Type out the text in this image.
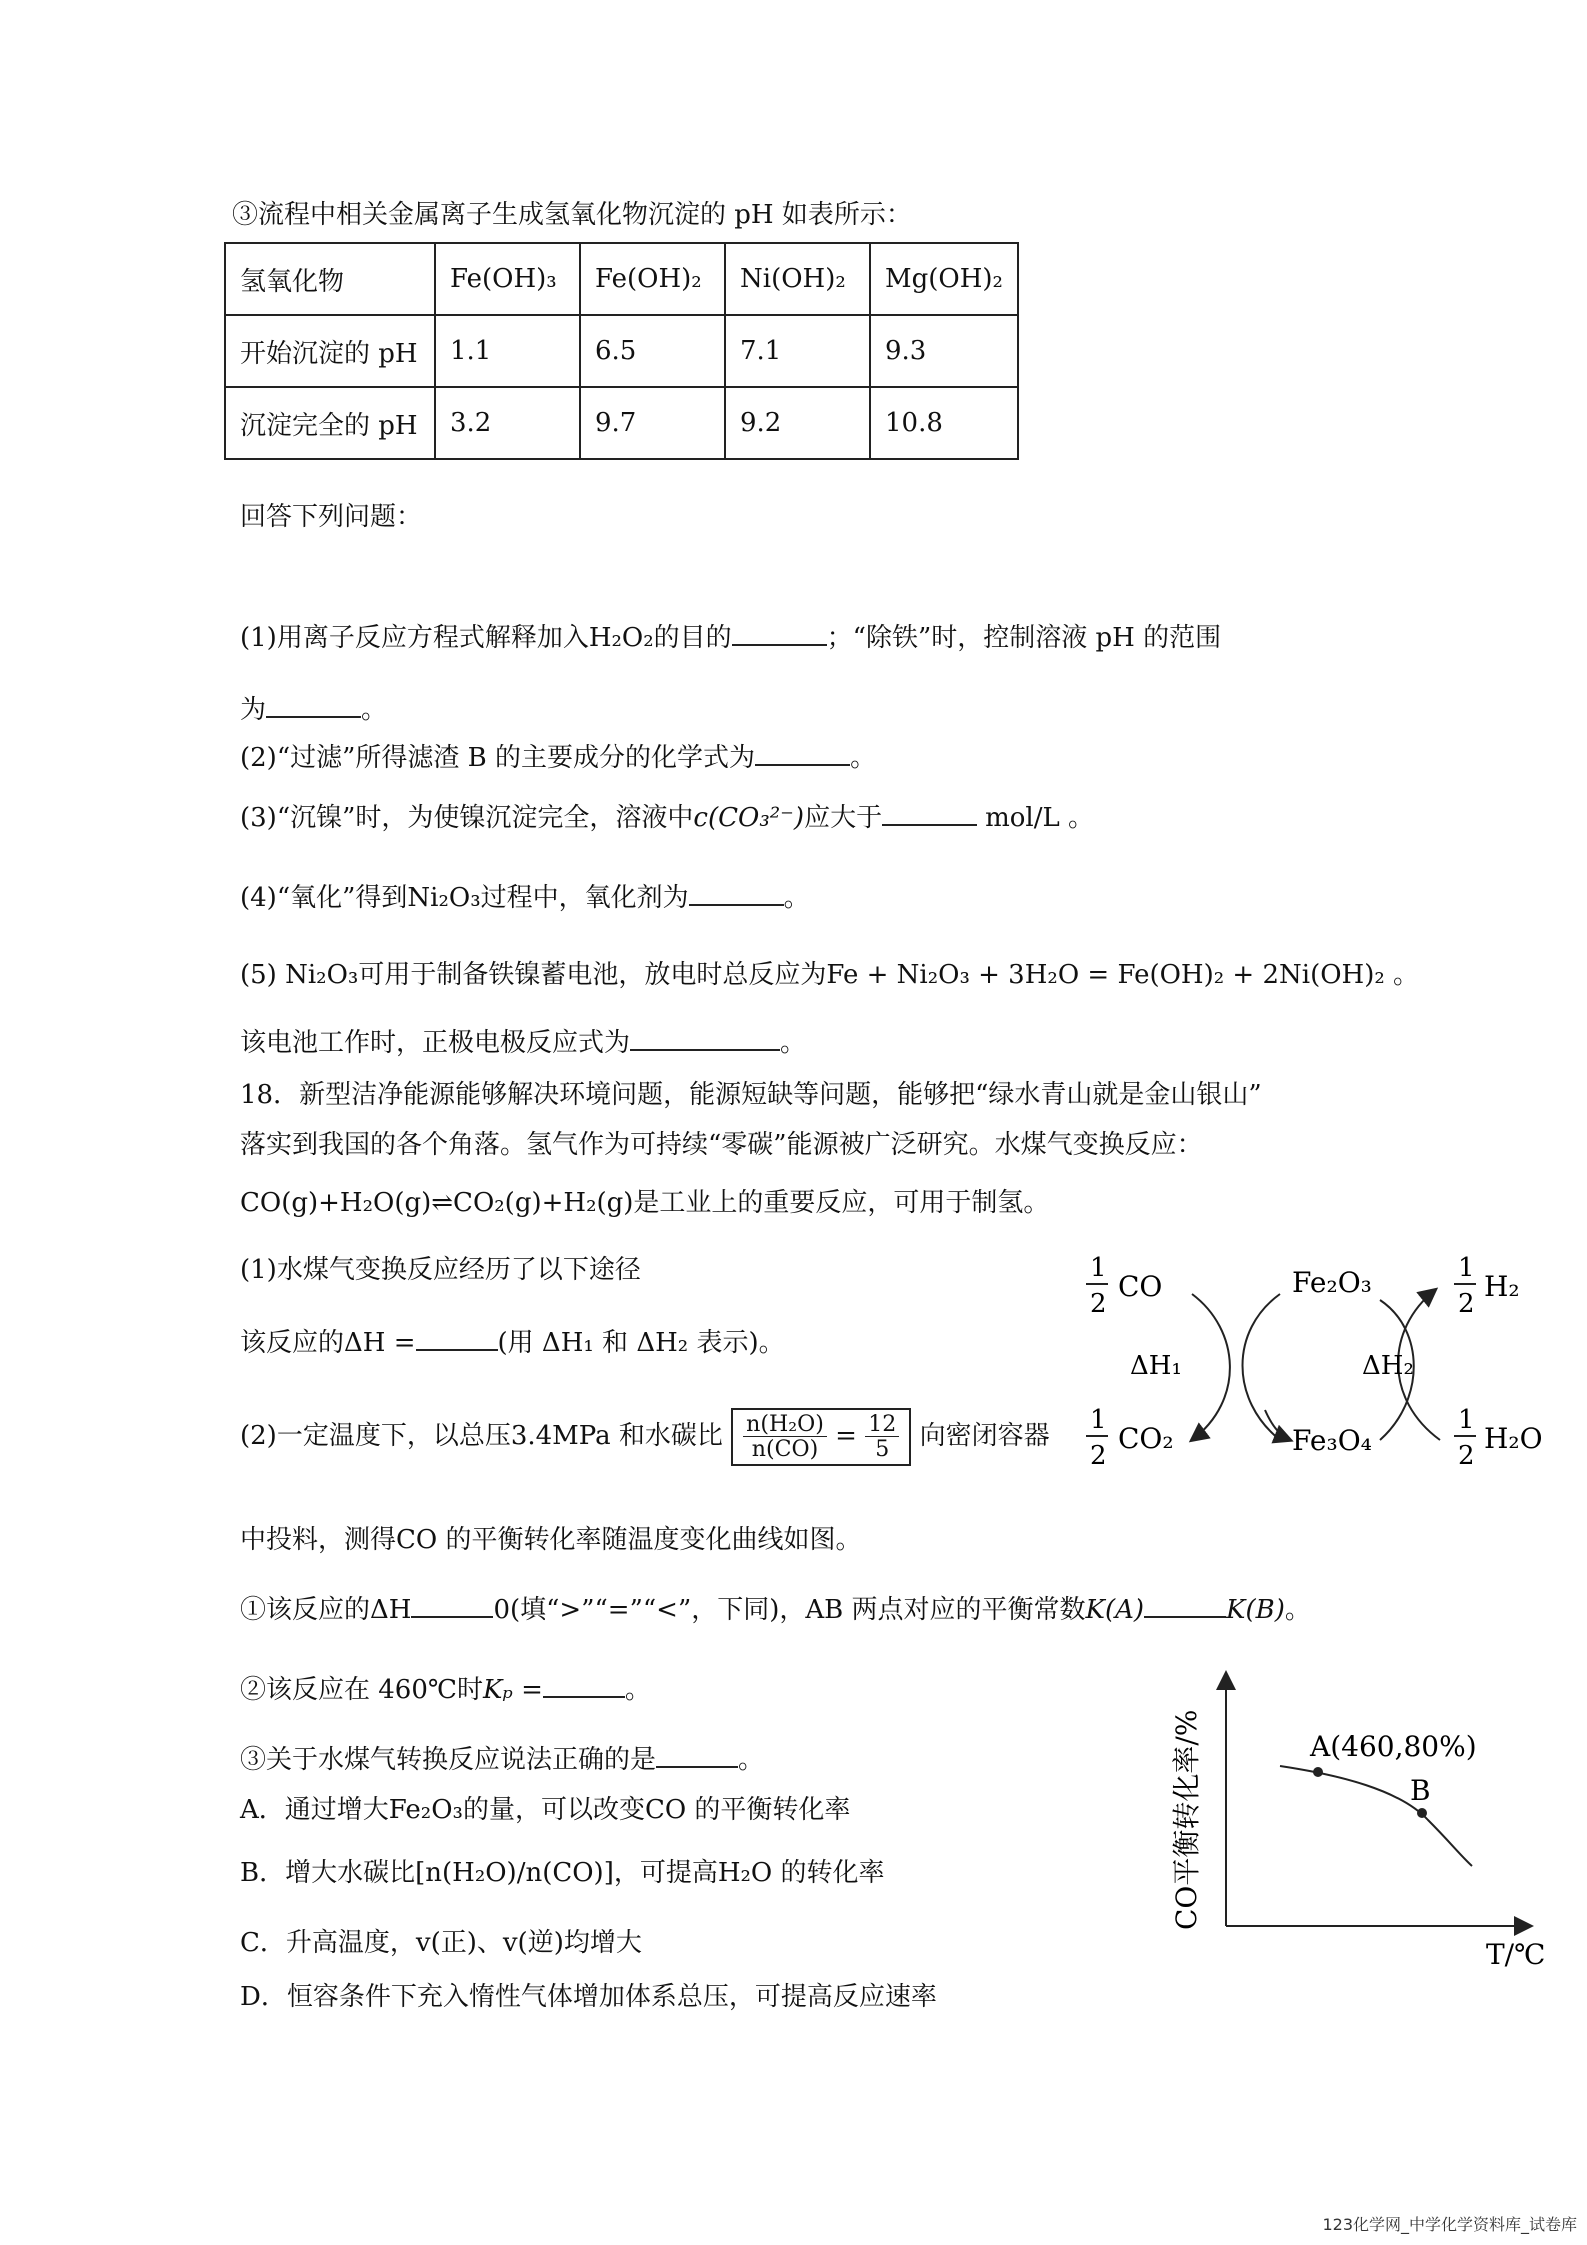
③流程中相关金属离子生成氢氧化物沉淀的 pH 如表所示：
氢氧化物	Fe(OH)₃	Fe(OH)₂	Ni(OH)₂	Mg(OH)₂
开始沉淀的 pH	1.1	6.5	7.1	9.3
沉淀完全的 pH	3.2	9.7	9.2	10.8
回答下列问题：
(1)用离子反应方程式解释加入H₂O₂的目的	；“除铁”时，控制溶液 pH 的范围
为	。
(2)“过滤”所得滤渣 B 的主要成分的化学式为	。
(3)“沉镍”时，为使镍沉淀完全，溶液中c(CO₃²⁻)应大于	mol/L 。
(4)“氧化”得到Ni₂O₃过程中，氧化剂为	。
(5) Ni₂O₃可用于制备铁镍蓄电池，放电时总反应为Fe + Ni₂O₃ + 3H₂O = Fe(OH)₂ + 2Ni(OH)₂ 。
该电池工作时，正极电极反应式为	。
18．新型洁净能源能够解决环境问题，能源短缺等问题，能够把“绿水青山就是金山银山”
落实到我国的各个角落。氢气作为可持续“零碳”能源被广泛研究。水煤气变换反应：
CO(g)+H₂O(g)⇌CO₂(g)+H₂(g)是工业上的重要反应，可用于制氢。
(1)水煤气变换反应经历了以下途径
该反应的ΔH =	(用 ΔH₁ 和 ΔH₂ 表示)。
(2)一定温度下，以总压3.4MPa 和水碳比 $\frac{\text{n(H₂O)}}{n(CO)} = \frac{12}{5}$ 向密闭容器
中投料，测得CO 的平衡转化率随温度变化曲线如图。
①该反应的ΔH	0(填“>”“=”“<”，下同)，AB 两点对应的平衡常数K(A)	K(B)。
②该反应在 460℃时Kₚ =	。
③关于水煤气转换反应说法正确的是	。
A．通过增大Fe₂O₃的量，可以改变CO 的平衡转化率
B．增大水碳比[n(H₂O)/n(CO)]，可提高H₂O 的转化率
C．升高温度，v(正)、v(逆)均增大
D．恒容条件下充入惰性气体增加体系总压，可提高反应速率
1
2
CO
1
2
CO₂
ΔH₁
Fe₂O₃
Fe₃O₄
ΔH₂
1
2
H₂
1
2
H₂O
CO平衡转化率/%	A(460,80%)
B
T/℃
123化学网_中学化学资料库_试卷库
